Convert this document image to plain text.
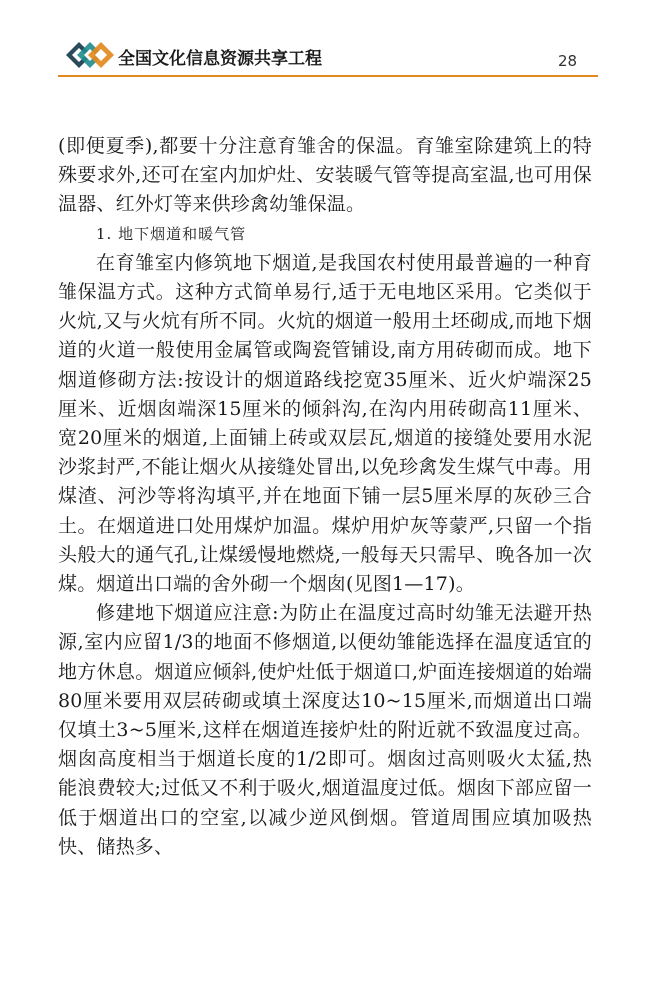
全国文化信息资源共享工程	28

(即便夏季),都要十分注意育雏舍的保温。育雏室除建筑上的特殊要求外,还可在室内加炉灶、安装暖气管等提高室温,也可用保温器、红外灯等来供珍禽幼雏保温。

1. 地下烟道和暖气管

在育雏室内修筑地下烟道,是我国农村使用最普遍的一种育雏保温方式。这种方式简单易行,适于无电地区采用。它类似于火炕,又与火炕有所不同。火炕的烟道一般用土坯砌成,而地下烟道的火道一般使用金属管或陶瓷管铺设,南方用砖砌而成。地下烟道修砌方法:按设计的烟道路线挖宽35厘米、近火炉端深25厘米、近烟囱端深15厘米的倾斜沟,在沟内用砖砌高11厘米、宽20厘米的烟道,上面铺上砖或双层瓦,烟道的接缝处要用水泥沙浆封严,不能让烟火从接缝处冒出,以免珍禽发生煤气中毒。用煤渣、河沙等将沟填平,并在地面下铺一层5厘米厚的灰砂三合土。在烟道进口处用煤炉加温。煤炉用炉灰等蒙严,只留一个指头般大的通气孔,让煤缓慢地燃烧,一般每天只需早、晚各加一次煤。烟道出口端的舍外砌一个烟囱(见图1—17)。

修建地下烟道应注意:为防止在温度过高时幼雏无法避开热源,室内应留1/3的地面不修烟道,以便幼雏能选择在温度适宜的地方休息。烟道应倾斜,使炉灶低于烟道口,炉面连接烟道的始端80厘米要用双层砖砌或填土深度达10~15厘米,而烟道出口端仅填土3~5厘米,这样在烟道连接炉灶的附近就不致温度过高。烟囱高度相当于烟道长度的1/2即可。烟囱过高则吸火太猛,热能浪费较大;过低又不利于吸火,烟道温度过低。烟囱下部应留一低于烟道出口的空室,以减少逆风倒烟。管道周围应填加吸热快、储热多、
